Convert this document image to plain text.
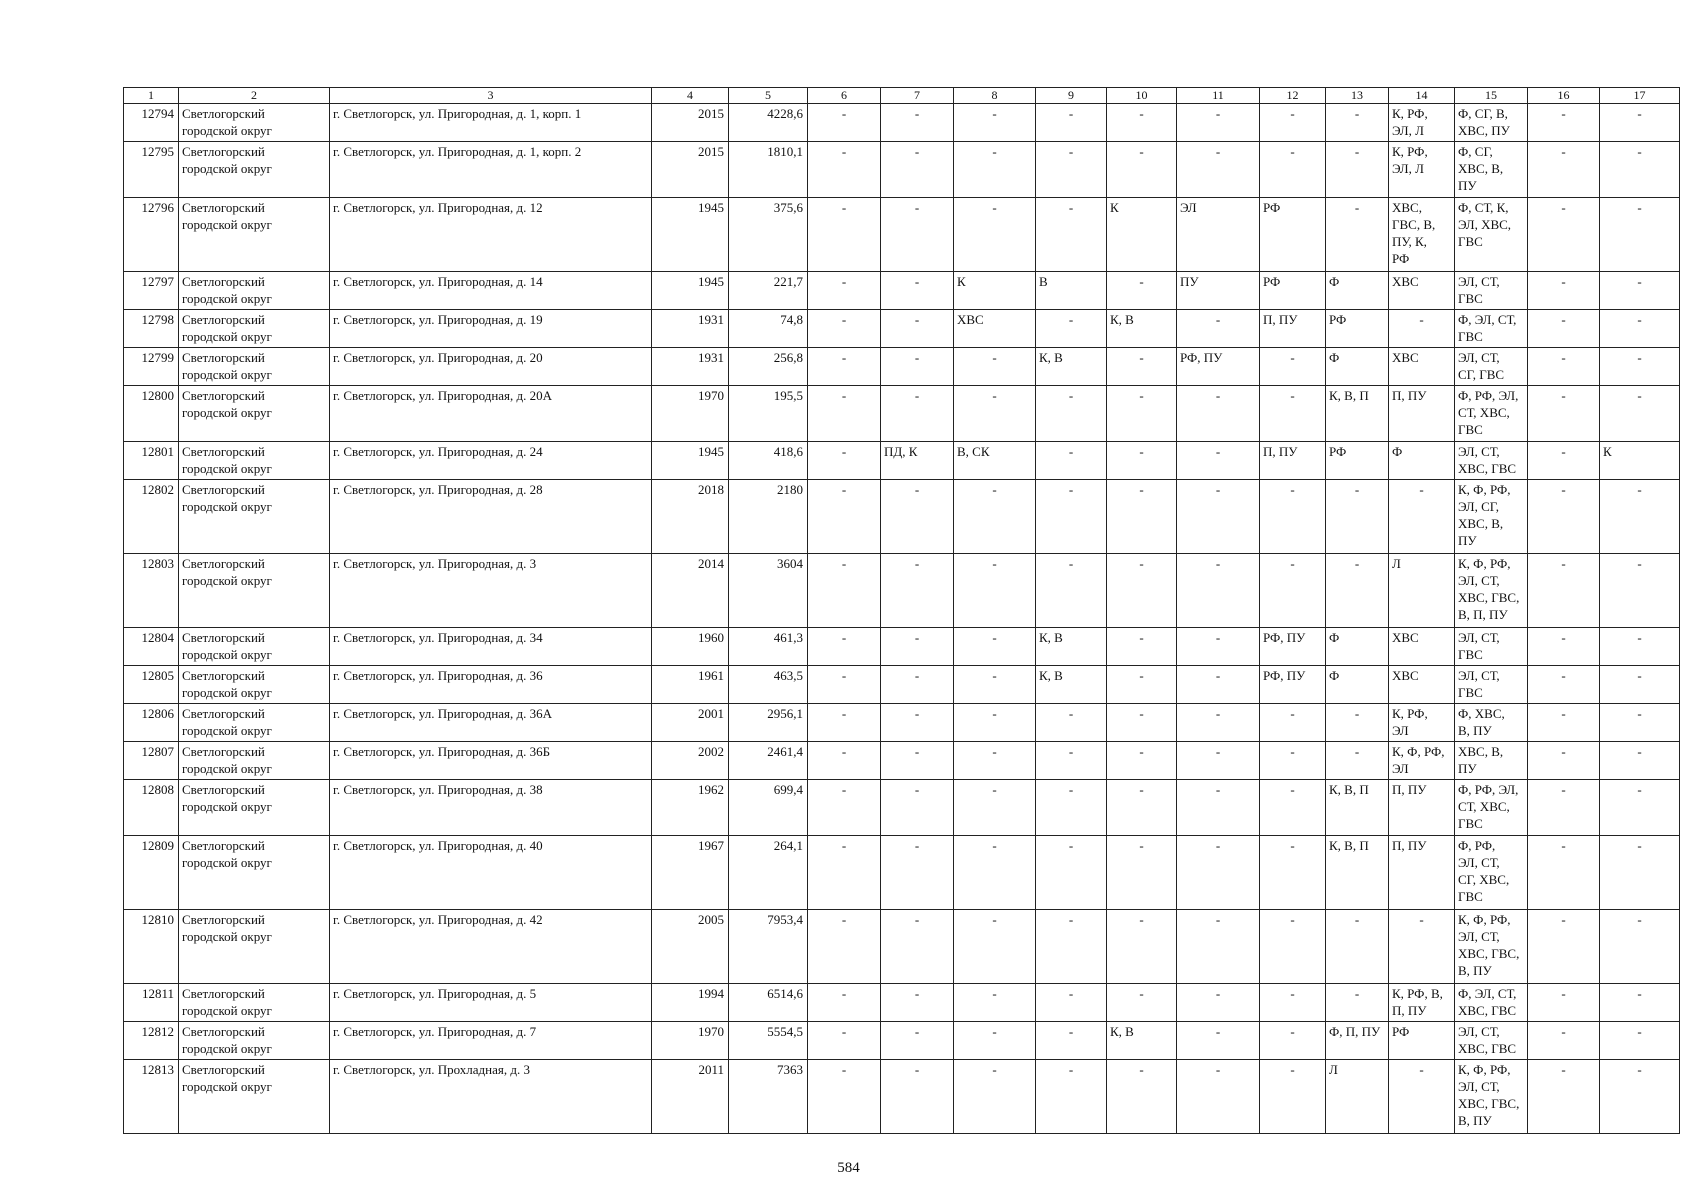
1	2	3	4	5	6	7	8	9	10	11	12	13	14	15	16	17
12794	Светлогорский
городской округ	г. Светлогорск, ул. Пригородная, д. 1, корп. 1	2015	4228,6	-	-	-	-	-	-	-	-	К, РФ,
ЭЛ, Л	Ф, СГ, В,
ХВС, ПУ	-	-
12795	Светлогорский
городской округ	г. Светлогорск, ул. Пригородная, д. 1, корп. 2	2015	1810,1	-	-	-	-	-	-	-	-	К, РФ,
ЭЛ, Л	Ф, СГ,
ХВС, В,
ПУ	-	-
12796	Светлогорский
городской округ	г. Светлогорск, ул. Пригородная, д. 12	1945	375,6	-	-	-	-	К	ЭЛ	РФ	-	ХВС,
ГВС, В,
ПУ, К,
РФ	Ф, СТ, К,
ЭЛ, ХВС,
ГВС	-	-
12797	Светлогорский
городской округ	г. Светлогорск, ул. Пригородная, д. 14	1945	221,7	-	-	К	В	-	ПУ	РФ	Ф	ХВС	ЭЛ, СТ,
ГВС	-	-
12798	Светлогорский
городской округ	г. Светлогорск, ул. Пригородная, д. 19	1931	74,8	-	-	ХВС	-	К, В	-	П, ПУ	РФ	-	Ф, ЭЛ, СТ,
ГВС	-	-
12799	Светлогорский
городской округ	г. Светлогорск, ул. Пригородная, д. 20	1931	256,8	-	-	-	К, В	-	РФ, ПУ	-	Ф	ХВС	ЭЛ, СТ,
СГ, ГВС	-	-
12800	Светлогорский
городской округ	г. Светлогорск, ул. Пригородная, д. 20А	1970	195,5	-	-	-	-	-	-	-	К, В, П	П, ПУ	Ф, РФ, ЭЛ,
СТ, ХВС,
ГВС	-	-
12801	Светлогорский
городской округ	г. Светлогорск, ул. Пригородная, д. 24	1945	418,6	-	ПД, К	В, СК	-	-	-	П, ПУ	РФ	Ф	ЭЛ, СТ,
ХВС, ГВС	-	К
12802	Светлогорский
городской округ	г. Светлогорск, ул. Пригородная, д. 28	2018	2180	-	-	-	-	-	-	-	-	-	К, Ф, РФ,
ЭЛ, СГ,
ХВС, В,
ПУ	-	-
12803	Светлогорский
городской округ	г. Светлогорск, ул. Пригородная, д. 3	2014	3604	-	-	-	-	-	-	-	-	Л	К, Ф, РФ,
ЭЛ, СТ,
ХВС, ГВС,
В, П, ПУ	-	-
12804	Светлогорский
городской округ	г. Светлогорск, ул. Пригородная, д. 34	1960	461,3	-	-	-	К, В	-	-	РФ, ПУ	Ф	ХВС	ЭЛ, СТ,
ГВС	-	-
12805	Светлогорский
городской округ	г. Светлогорск, ул. Пригородная, д. 36	1961	463,5	-	-	-	К, В	-	-	РФ, ПУ	Ф	ХВС	ЭЛ, СТ,
ГВС	-	-
12806	Светлогорский
городской округ	г. Светлогорск, ул. Пригородная, д. 36А	2001	2956,1	-	-	-	-	-	-	-	-	К, РФ,
ЭЛ	Ф, ХВС,
В, ПУ	-	-
12807	Светлогорский
городской округ	г. Светлогорск, ул. Пригородная, д. 36Б	2002	2461,4	-	-	-	-	-	-	-	-	К, Ф, РФ,
ЭЛ	ХВС, В,
ПУ	-	-
12808	Светлогорский
городской округ	г. Светлогорск, ул. Пригородная, д. 38	1962	699,4	-	-	-	-	-	-	-	К, В, П	П, ПУ	Ф, РФ, ЭЛ,
СТ, ХВС,
ГВС	-	-
12809	Светлогорский
городской округ	г. Светлогорск, ул. Пригородная, д. 40	1967	264,1	-	-	-	-	-	-	-	К, В, П	П, ПУ	Ф, РФ,
ЭЛ, СТ,
СГ, ХВС,
ГВС	-	-
12810	Светлогорский
городской округ	г. Светлогорск, ул. Пригородная, д. 42	2005	7953,4	-	-	-	-	-	-	-	-	-	К, Ф, РФ,
ЭЛ, СТ,
ХВС, ГВС,
В, ПУ	-	-
12811	Светлогорский
городской округ	г. Светлогорск, ул. Пригородная, д. 5	1994	6514,6	-	-	-	-	-	-	-	-	К, РФ, В,
П, ПУ	Ф, ЭЛ, СТ,
ХВС, ГВС	-	-
12812	Светлогорский
городской округ	г. Светлогорск, ул. Пригородная, д. 7	1970	5554,5	-	-	-	-	К, В	-	-	Ф, П, ПУ	РФ	ЭЛ, СТ,
ХВС, ГВС	-	-
12813	Светлогорский
городской округ	г. Светлогорск, ул. Прохладная, д. 3	2011	7363	-	-	-	-	-	-	-	Л	-	К, Ф, РФ,
ЭЛ, СТ,
ХВС, ГВС,
В, ПУ	-	-
584
